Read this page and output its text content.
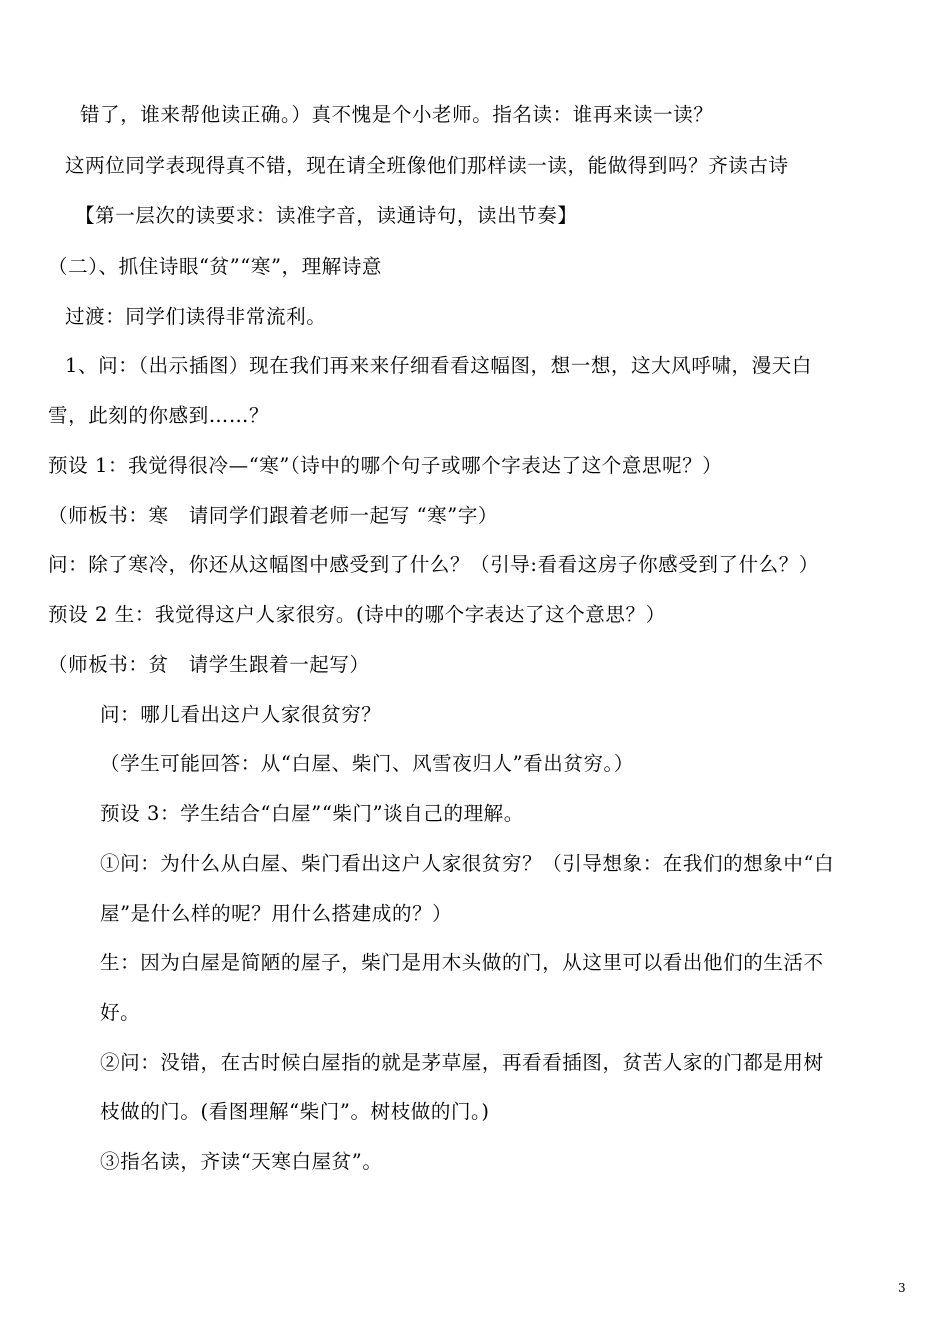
错了，谁来帮他读正确。）真不愧是个小老师。指名读：谁再来读一读？
这两位同学表现得真不错，现在请全班像他们那样读一读，能做得到吗？齐读古诗
【第一层次的读要求：读准字音，读通诗句，读出节奏】
（二）、抓住诗眼“贫”“寒”，理解诗意
过渡：同学们读得非常流利。
1、问：（出示插图）现在我们再来来仔细看看这幅图，想一想，这大风呼啸，漫天白
雪，此刻的你感到……？
预设 1：我觉得很冷—“寒”（诗中的哪个句子或哪个字表达了这个意思呢？）
（师板书：寒　请同学们跟着老师一起写 “寒”字）
问：除了寒冷，你还从这幅图中感受到了什么？（引导:看看这房子你感受到了什么？）
预设 2 生：我觉得这户人家很穷。(诗中的哪个字表达了这个意思？）
（师板书：贫　请学生跟着一起写）
问：哪儿看出这户人家很贫穷？
（学生可能回答：从“白屋、柴门、风雪夜归人”看出贫穷。）
预设 3：学生结合“白屋”“柴门”谈自己的理解。
①问：为什么从白屋、柴门看出这户人家很贫穷？（引导想象：在我们的想象中“白
屋”是什么样的呢？用什么搭建成的？）
生：因为白屋是简陋的屋子，柴门是用木头做的门，从这里可以看出他们的生活不
好。
②问：没错，在古时候白屋指的就是茅草屋，再看看插图，贫苦人家的门都是用树
枝做的门。(看图理解“柴门”。树枝做的门。)
③指名读，齐读“天寒白屋贫”。
3
